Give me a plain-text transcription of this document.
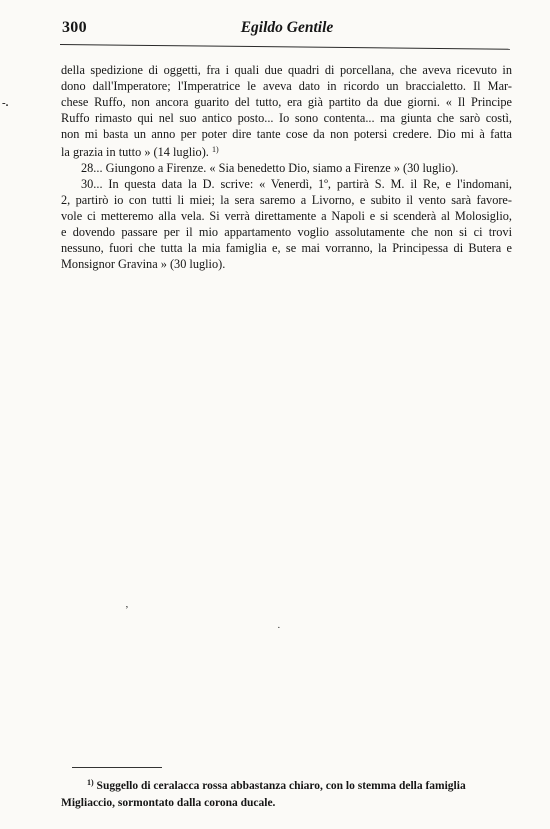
300	Egildo Gentile
-.
della spedizione di oggetti, fra i quali due quadri di porcellana, che aveva ricevuto in
dono dall'Imperatore; l'Imperatrice le aveva dato in ricordo un braccialetto. Il Mar-
chese Ruffo, non ancora guarito del tutto, era già partito da due giorni. « Il Principe
Ruffo rimasto qui nel suo antico posto... Io sono contenta... ma giunta che sarò costì,
non mi basta un anno per poter dire tante cose da non potersi credere. Dio mi à fatta
la grazia in tutto » (14 luglio). $^{1)}$
28... Giungono a Firenze. « Sia benedetto Dio, siamo a Firenze » (30 luglio).
30... In questa data la D. scrive: « Venerdì, 1º, partirà S. M. il Re, e l'indomani,
2, partirò io con tutti li miei; la sera saremo a Livorno, e subito il vento sarà favore-
vole ci metteremo alla vela. Si verrà direttamente a Napoli e si scenderà al Molosiglio,
e dovendo passare per il mio appartamento voglio assolutamente che non si ci trovi
nessuno, fuori che tutta la mia famiglia e, se mai vorranno, la Principessa di Butera e
Monsignor Gravina » (30 luglio).
ʼ
·
$^{1)}$ Suggello di ceralacca rossa abbastanza chiaro, con lo stemma della famiglia
Migliaccio, sormontato dalla corona ducale.
